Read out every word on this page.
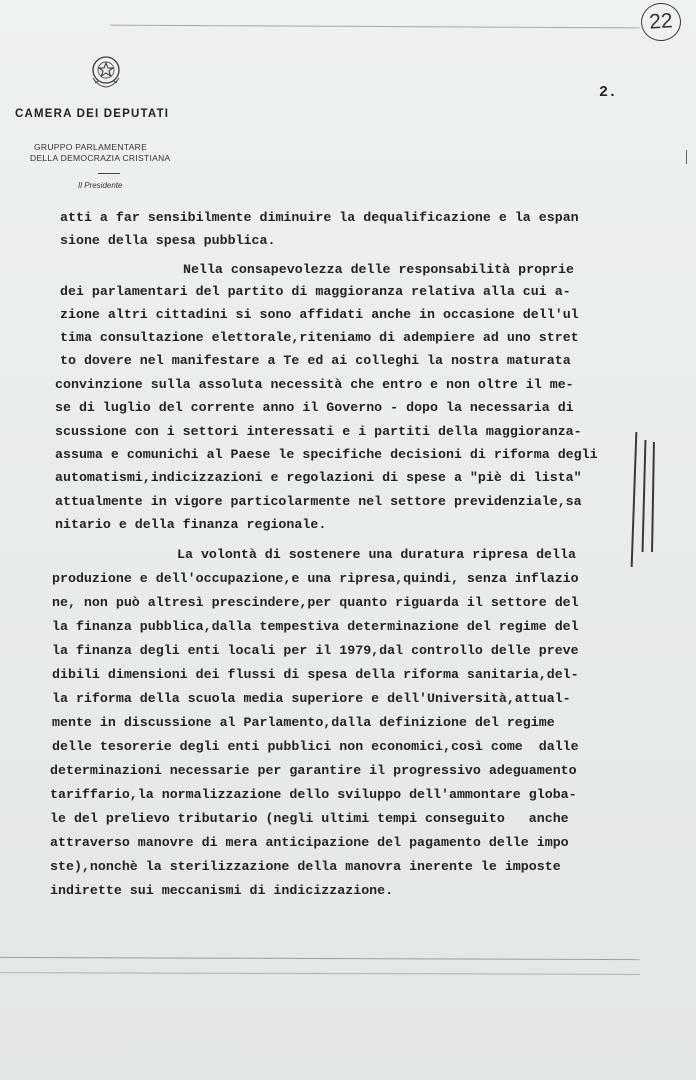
CAMERA DEI DEPUTATI
GRUPPO PARLAMENTARE
DELLA DEMOCRAZIA CRISTIANA
Il Presidente
2.
22
atti a far sensibilmente diminuire la dequalificazione e la espan
sione della spesa pubblica.
Nella consapevolezza delle responsabilità proprie
dei parlamentari del partito di maggioranza relativa alla cui a-
zione altri cittadini si sono affidati anche in occasione dell'ul
tima consultazione elettorale,riteniamo di adempiere ad uno stret
to dovere nel manifestare a Te ed ai colleghi la nostra maturata
convinzione sulla assoluta necessità che entro e non oltre il me-
se di luglio del corrente anno il Governo - dopo la necessaria di
scussione con i settori interessati e i partiti della maggioranza-
assuma e comunichi al Paese le specifiche decisioni di riforma degli
automatismi,indicizzazioni e regolazioni di spese a "piè di lista"
attualmente in vigore particolarmente nel settore previdenziale,sa
nitario e della finanza regionale.
La volontà di sostenere una duratura ripresa della
produzione e dell'occupazione,e una ripresa,quindi, senza inflazio
ne, non può altresì prescindere,per quanto riguarda il settore del
la finanza pubblica,dalla tempestiva determinazione del regime del
la finanza degli enti locali per il 1979,dal controllo delle preve
dibili dimensioni dei flussi di spesa della riforma sanitaria,del-
la riforma della scuola media superiore e dell'Università,attual-
mente in discussione al Parlamento,dalla definizione del regime
delle tesorerie degli enti pubblici non economici,così come  dalle
determinazioni necessarie per garantire il progressivo adeguamento
tariffario,la normalizzazione dello sviluppo dell'ammontare globa-
le del prelievo tributario (negli ultimi tempi conseguito   anche
attraverso manovre di mera anticipazione del pagamento delle impo
ste),nonchè la sterilizzazione della manovra inerente le imposte
indirette sui meccanismi di indicizzazione.
